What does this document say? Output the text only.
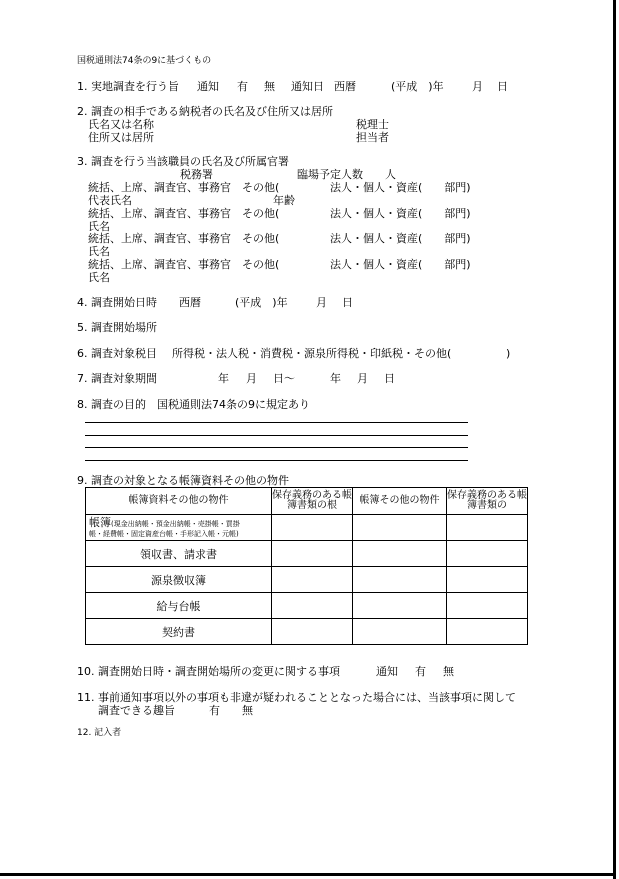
国税通則法74条の9に基づくもの
1. 実地調査を行う旨 通知 有 無 通知日 西暦	(平成　)年	月 日
2. 調査の相手である納税者の氏名及び住所又は居所
氏名又は名称	税理士
住所又は居所	担当者
3. 調査を行う当該職員の氏名及び所属官署
税務署	臨場予定人数　　人
統括、上席、調査官、事務官　その他(	法人・個人・資産(　　部門)
代表氏名	年齢
統括、上席、調査官、事務官　その他(	法人・個人・資産(　　部門)
氏名
統括、上席、調査官、事務官　その他(	法人・個人・資産(　　部門)
氏名
統括、上席、調査官、事務官　その他(	法人・個人・資産(　　部門)
氏名
4. 調査開始日時 西暦	(平成　)年	月 日
5. 調査開始場所
6. 調査対象税目 所得税・法人税・消費税・源泉所得税・印紙税・その他(	)
7. 調査対象期間	年 月 日〜	年 月 日
8. 調査の目的 国税通則法74条の9に規定あり
9. 調査の対象となる帳簿資料その他の物件
帳簿資料その他の物件	保存義務のある帳簿書類の根	帳簿その他の物件	保存義務のある帳簿書類の

帳簿(現金出納帳・預金出納帳・売掛帳・買掛
帳・経費帳・固定資産台帳・手形記入帳・元帳)			

領収書、請求書			
源泉徴収簿			
給与台帳			
契約書			
10. 調査開始日時・調査開始場所の変更に関する事項	通知 有 無
11. 事前通知事項以外の事項も非違が疑われることとなった場合には、当該事項に関して
調査できる趣旨	有 無
12. 記入者
